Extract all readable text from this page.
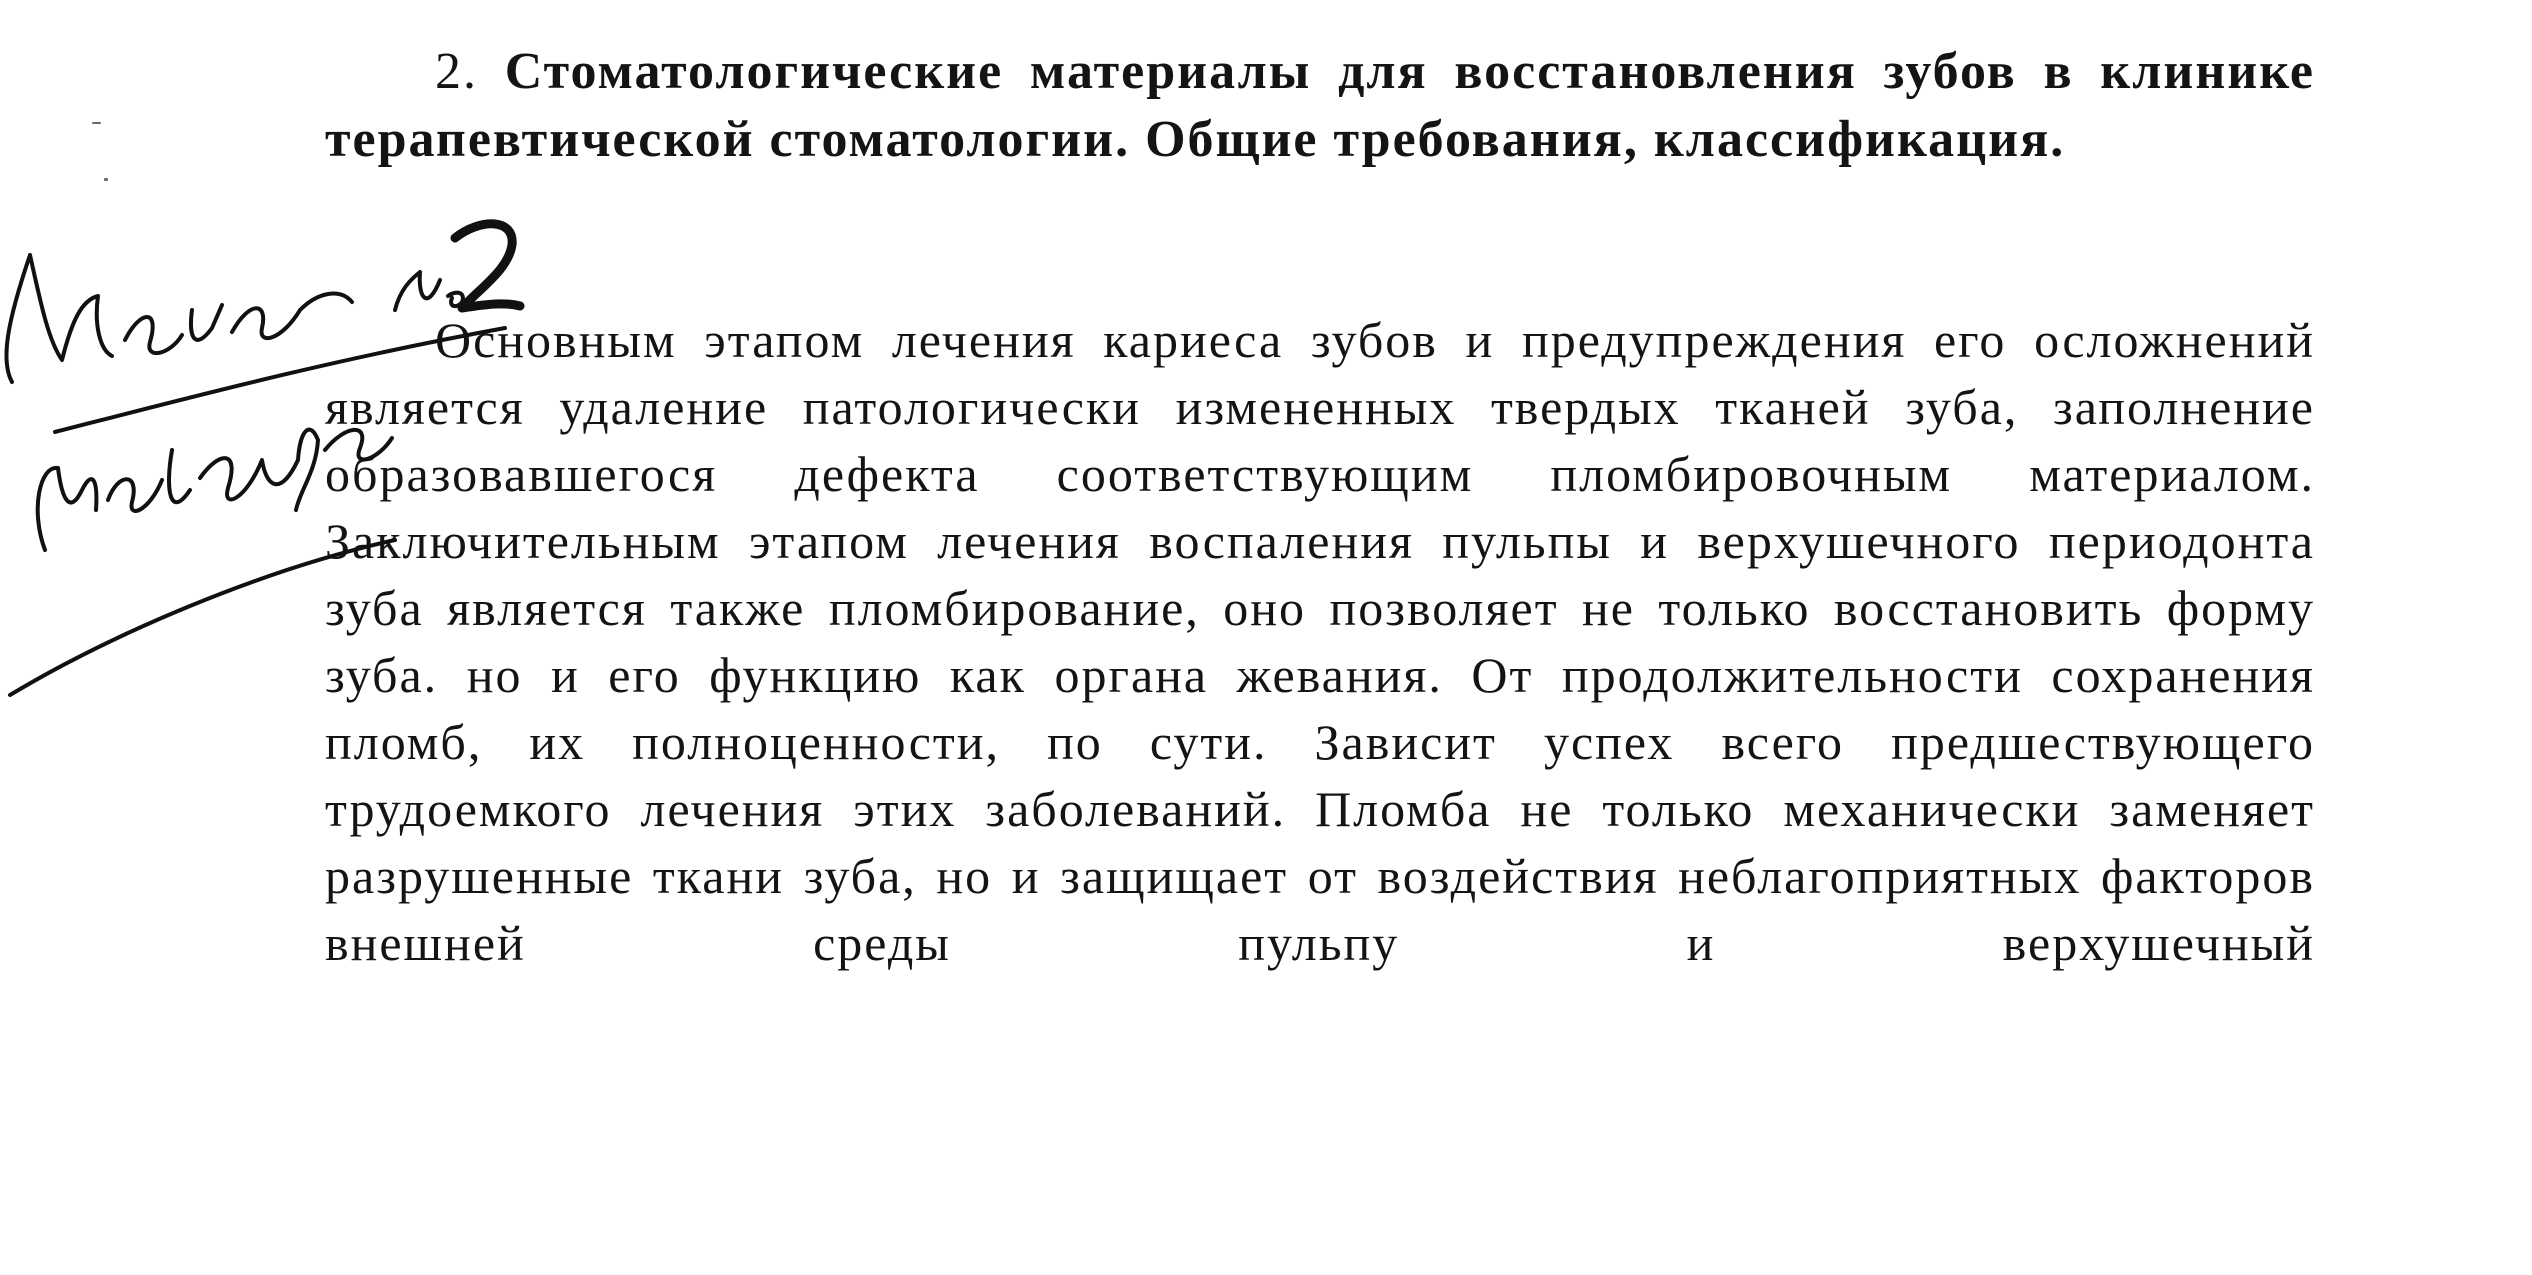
2. Стоматологические материалы для восстановления зубов в клинике терапевтической стоматологии. Общие требования, классификация.

Основным этапом лечения кариеса зубов и предупреждения его осложнений является удаление патологически измененных твердых тканей зуба, заполнение образовавшегося дефекта соответствующим пломбировочным материалом. Заключительным этапом лечения воспаления пульпы и верхушечного периодонта зуба является также пломбирование, оно позволяет не только восстановить форму зуба. но и его функцию как органа жевания. От продолжительности сохранения пломб, их полноценности, по сути. Зависит успех всего предшествующего трудоемкого лечения этих заболеваний. Пломба не только механически заменяет разрушенные ткани зуба, но и защищает от воздействия неблагоприятных факторов внешней среды пульпу и верхушечный
